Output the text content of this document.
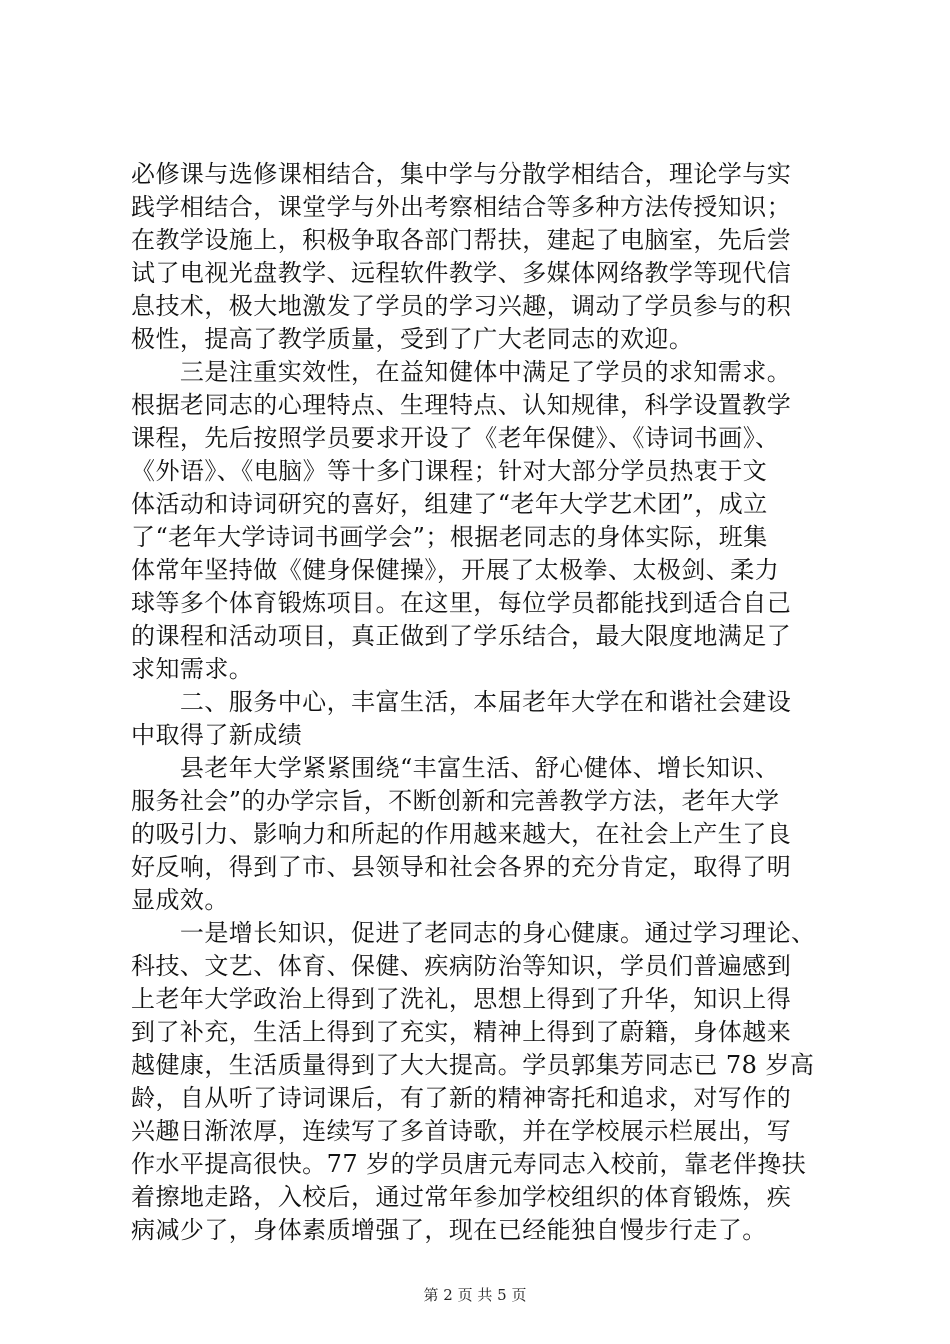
必修课与选修课相结合，集中学与分散学相结合，理论学与实
践学相结合，课堂学与外出考察相结合等多种方法传授知识；
在教学设施上，积极争取各部门帮扶，建起了电脑室，先后尝
试了电视光盘教学、远程软件教学、多媒体网络教学等现代信
息技术，极大地激发了学员的学习兴趣，调动了学员参与的积
极性，提高了教学质量，受到了广大老同志的欢迎。
　　三是注重实效性，在益知健体中满足了学员的求知需求。
根据老同志的心理特点、生理特点、认知规律，科学设置教学
课程，先后按照学员要求开设了《老年保健》、《诗词书画》、
《外语》、《电脑》等十多门课程；针对大部分学员热衷于文
体活动和诗词研究的喜好，组建了“老年大学艺术团”，成立
了“老年大学诗词书画学会”；根据老同志的身体实际，班集
体常年坚持做《健身保健操》，开展了太极拳、太极剑、柔力
球等多个体育锻炼项目。在这里，每位学员都能找到适合自己
的课程和活动项目，真正做到了学乐结合，最大限度地满足了
求知需求。
　　二、服务中心，丰富生活，本届老年大学在和谐社会建设
中取得了新成绩
　　县老年大学紧紧围绕“丰富生活、舒心健体、增长知识、
服务社会”的办学宗旨，不断创新和完善教学方法，老年大学
的吸引力、影响力和所起的作用越来越大，在社会上产生了良
好反响，得到了市、县领导和社会各界的充分肯定，取得了明
显成效。
　　一是增长知识，促进了老同志的身心健康。通过学习理论、
科技、文艺、体育、保健、疾病防治等知识，学员们普遍感到
上老年大学政治上得到了洗礼，思想上得到了升华，知识上得
到了补充，生活上得到了充实，精神上得到了蔚籍，身体越来
越健康，生活质量得到了大大提高。学员郭集芳同志已 78 岁高
龄，自从听了诗词课后，有了新的精神寄托和追求，对写作的
兴趣日渐浓厚，连续写了多首诗歌，并在学校展示栏展出，写
作水平提高很快。77 岁的学员唐元寿同志入校前，靠老伴搀扶
着擦地走路，入校后，通过常年参加学校组织的体育锻炼，疾
病减少了，身体素质增强了，现在已经能独自慢步行走了。
第 2 页 共 5 页
